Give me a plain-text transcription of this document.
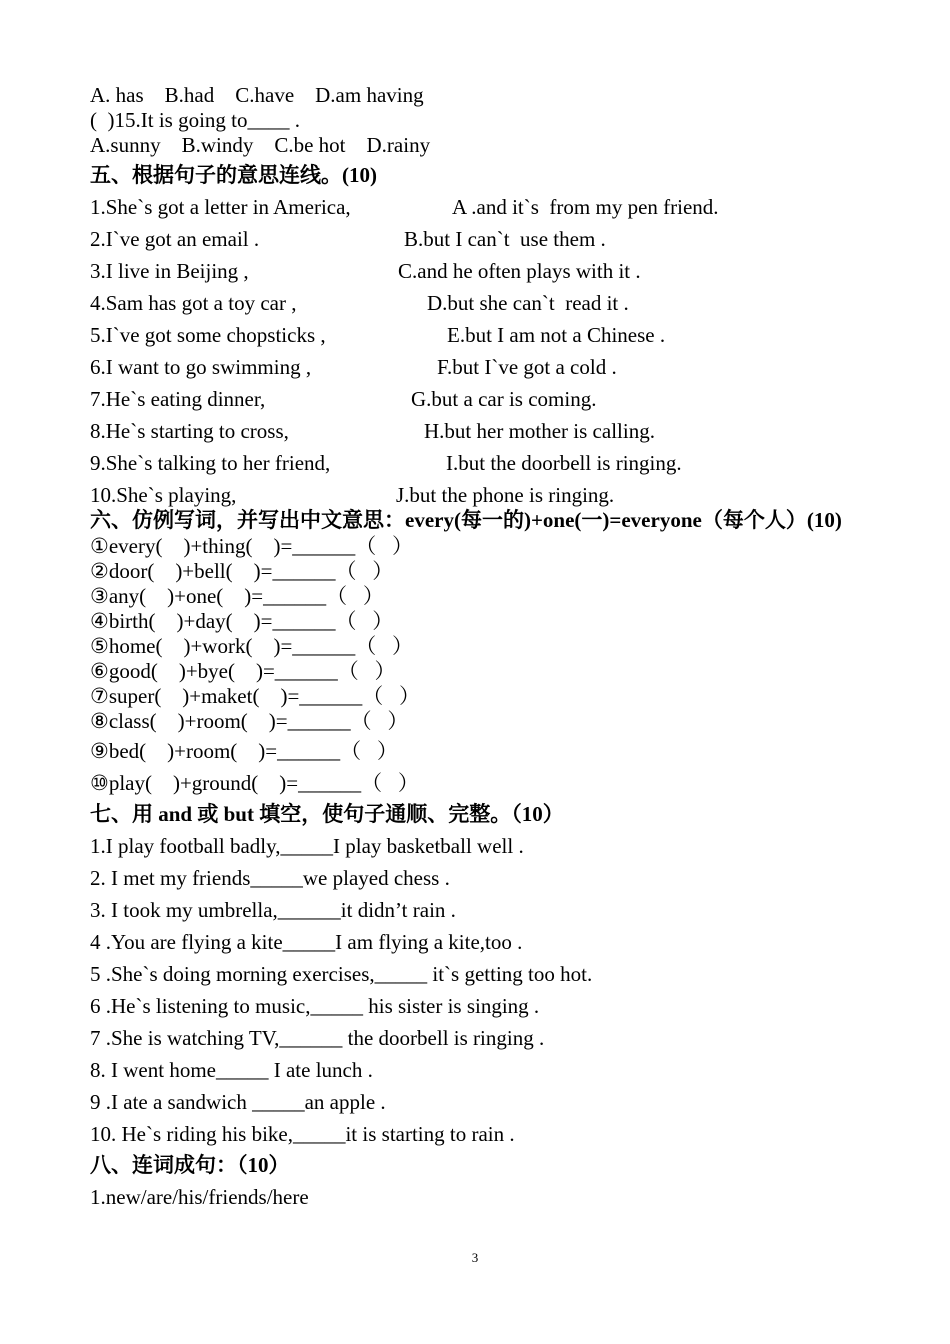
A. has    B.had    C.have    D.am having
(  )15.It is going to____ .
A.sunny    B.windy    C.be hot    D.rainy
五、根据句子的意思连线。(10)
1.She`s got a letter in America,
2.I`ve got an email .
3.I live in Beijing ,
4.Sam has got a toy car ,
5.I`ve got some chopsticks ,
6.I want to go swimming ,
7.He`s eating dinner,
8.He`s starting to cross,
9.She`s talking to her friend,
10.She`s playing,
A .and it`s  from my pen friend.
B.but I can`t  use them .
C.and he often plays with it .
D.but she can`t  read it .
E.but I am not a Chinese .
F.but I`ve got a cold .
G.but a car is coming.
H.but her mother is calling.
I.but the doorbell is ringing.
J.but the phone is ringing.
六、仿例写词，并写出中文意思：every(每一的)+one(一)=everyone（每个人）(10)
①every(    )+thing(    )=______（   ）
②door(    )+bell(    )=______（   ）
③any(    )+one(    )=______（   ）
④birth(    )+day(    )=______（   ）
⑤home(    )+work(    )=______（   ）
⑥good(    )+bye(    )=______（   ）
⑦super(    )+maket(    )=______（   ）
⑧class(    )+room(    )=______（   ）
⑨bed(    )+room(    )=______（   ）
⑩play(    )+ground(    )=______（   ）
七、用 and 或 but 填空，使句子通顺、完整。（10）
1.I play football badly,_____I play basketball well .
2. I met my friends_____we played chess .
3. I took my umbrella,______it didn’t rain .
4 .You are flying a kite_____I am flying a kite,too .
5 .She`s doing morning exercises,_____ it`s getting too hot.
6 .He`s listening to music,_____ his sister is singing .
7 .She is watching TV,______ the doorbell is ringing .
8. I went home_____ I ate lunch .
9 .I ate a sandwich _____an apple .
10. He`s riding his bike,_____it is starting to rain .
八、连词成句：（10）
1.new/are/his/friends/here
3
